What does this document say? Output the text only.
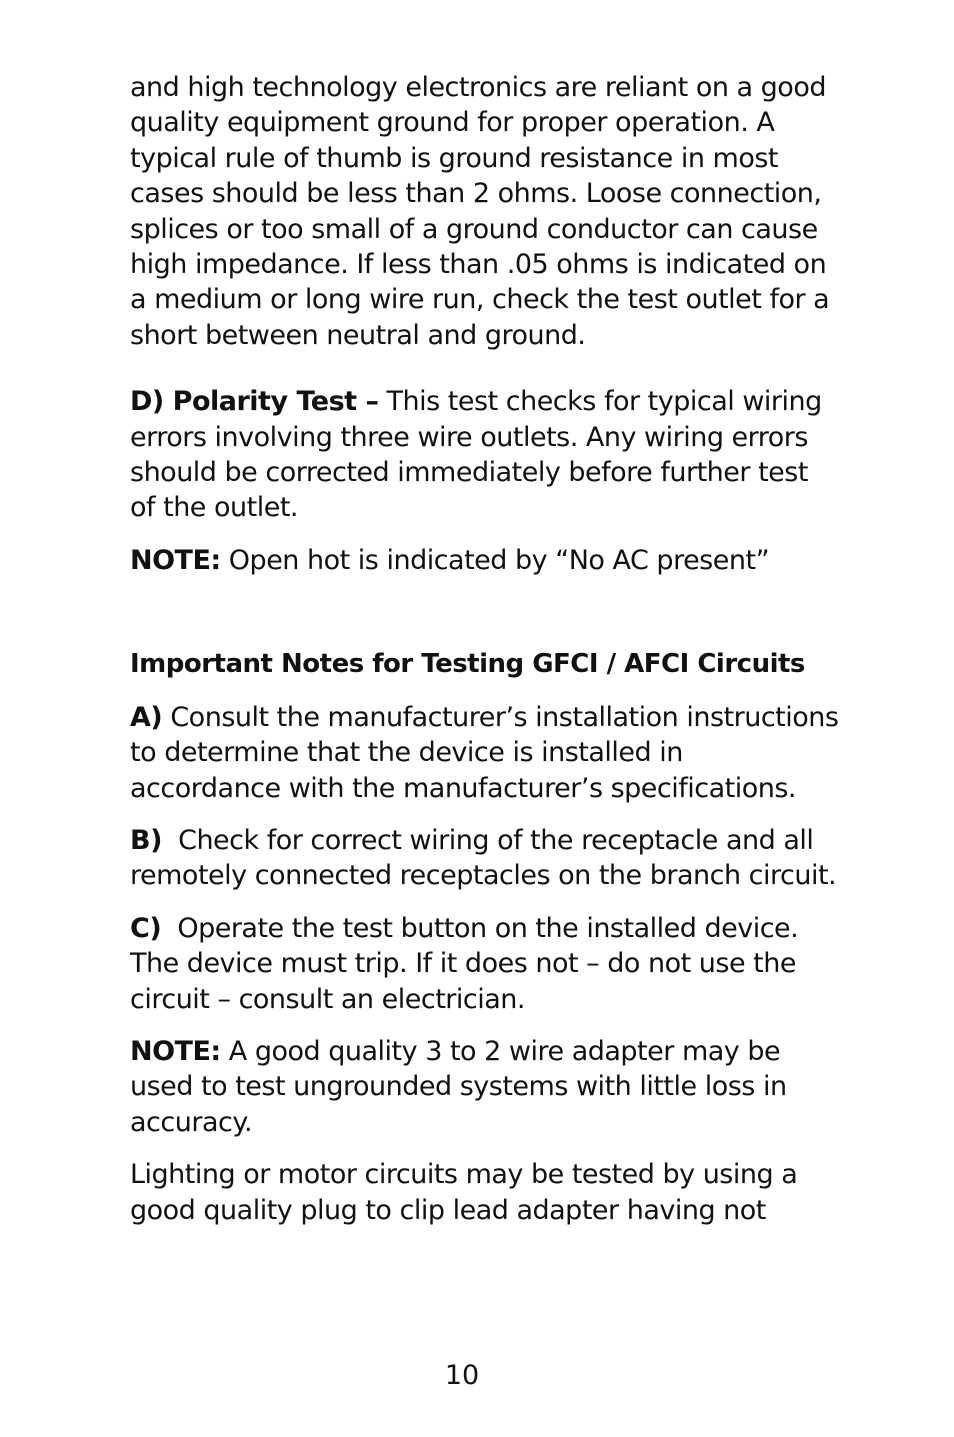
and high technology electronics are reliant on a good quality equipment ground for proper operation. A typical rule of thumb is ground resistance in most cases should be less than 2 ohms. Loose connection, splices or too small of a ground conductor can cause high impedance. If less than .05 ohms is indicated on a medium or long wire run, check the test outlet for a short between neutral and ground.

D) Polarity Test – This test checks for typical wiring errors involving three wire outlets. Any wiring errors should be corrected immediately before further test of the outlet.

NOTE: Open hot is indicated by “No AC present”

Important Notes for Testing GFCI / AFCI Circuits

A) Consult the manufacturer’s installation instructions to determine that the device is installed in accordance with the manufacturer’s specifications.

B)  Check for correct wiring of the receptacle and all remotely connected receptacles on the branch circuit.

C)  Operate the test button on the installed device. The device must trip. If it does not – do not use the circuit – consult an electrician.

NOTE: A good quality 3 to 2 wire adapter may be used to test ungrounded systems with little loss in accuracy.

Lighting or motor circuits may be tested by using a good quality plug to clip lead adapter having not

10
